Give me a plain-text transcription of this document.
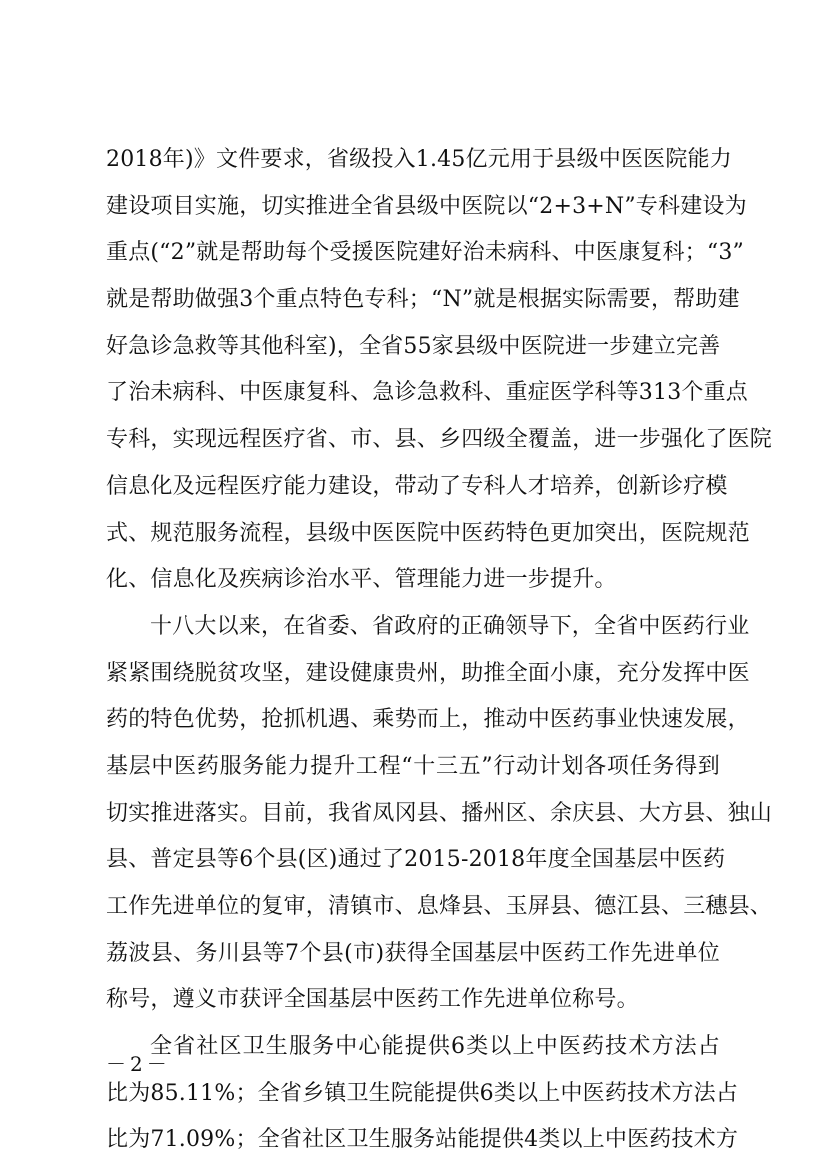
2018年)》文件要求，省级投入1.45亿元用于县级中医医院能力
建设项目实施，切实推进全省县级中医院以“2+3+N”专科建设为
重点(“2”就是帮助每个受援医院建好治未病科、中医康复科；“3”
就是帮助做强3个重点特色专科；“N”就是根据实际需要，帮助建
好急诊急救等其他科室)，全省55家县级中医院进一步建立完善
了治未病科、中医康复科、急诊急救科、重症医学科等313个重点
专科，实现远程医疗省、市、县、乡四级全覆盖，进一步强化了医院
信息化及远程医疗能力建设，带动了专科人才培养，创新诊疗模
式、规范服务流程，县级中医医院中医药特色更加突出，医院规范
化、信息化及疾病诊治水平、管理能力进一步提升。
十八大以来，在省委、省政府的正确领导下，全省中医药行业
紧紧围绕脱贫攻坚，建设健康贵州，助推全面小康，充分发挥中医
药的特色优势，抢抓机遇、乘势而上，推动中医药事业快速发展，
基层中医药服务能力提升工程“十三五”行动计划各项任务得到
切实推进落实。目前，我省凤冈县、播州区、余庆县、大方县、独山
县、普定县等6个县(区)通过了2015-2018年度全国基层中医药
工作先进单位的复审，清镇市、息烽县、玉屏县、德江县、三穗县、
荔波县、务川县等7个县(市)获得全国基层中医药工作先进单位
称号，遵义市获评全国基层中医药工作先进单位称号。
全省社区卫生服务中心能提供6类以上中医药技术方法占
比为85.11%；全省乡镇卫生院能提供6类以上中医药技术方法占
比为71.09%；全省社区卫生服务站能提供4类以上中医药技术方
－2－
